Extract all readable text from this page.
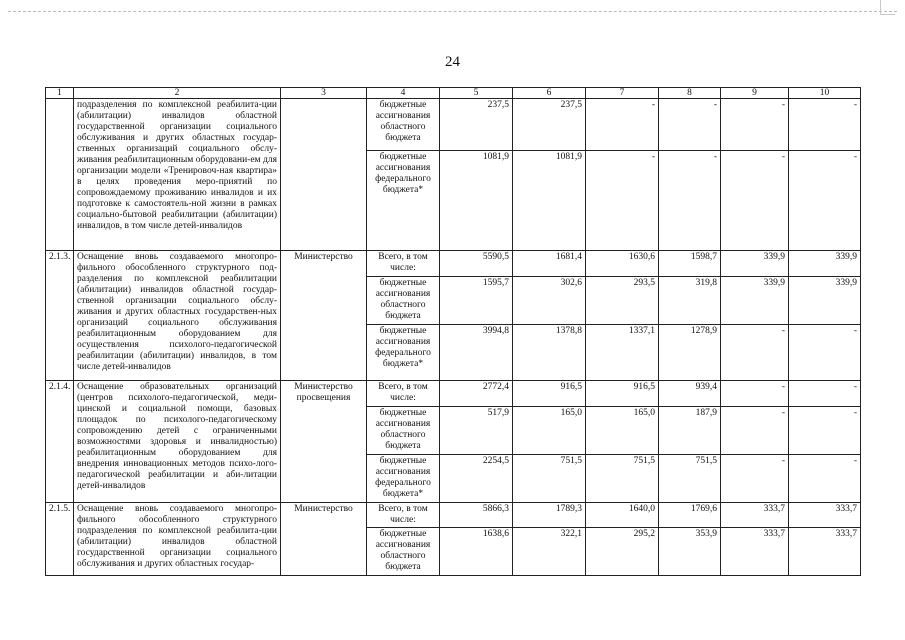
24
1	2	3	4	5	6	7	8	9	10
	подразделения по комплексной реабилита-ции (абилитации) инвалидов областной государственной организации социального обслуживания и других областных государ-ственных организаций социального обслу-живания реабилитационным оборудовани-ем для организации модели «Тренировоч-ная квартира» в целях проведения меро-приятий по сопровождаемому проживанию инвалидов и их подготовке к самостоятель-ной жизни в рамках социально-бытовой реабилитации (абилитации) инвалидов, в том числе детей-инвалидов		бюджетные ассигнования областного бюджета	237,5	237,5	-	-	-	-
			бюджетные ассигнования федерального бюджета*	1081,9	1081,9	-	-	-	-
2.1.3.	Оснащение вновь создаваемого многопро-фильного обособленного структурного под-разделения по комплексной реабилитации (абилитации) инвалидов областной государ-ственной организации социального обслу-живания и других областных государствен-ных организаций социального обслуживания реабилитационным оборудованием для осуществления психолого-педагогической реабилитации (абилитации) инвалидов, в том числе детей-инвалидов	Министерство	Всего, в том числе:	5590,5	1681,4	1630,6	1598,7	339,9	339,9
			бюджетные ассигнования областного бюджета	1595,7	302,6	293,5	319,8	339,9	339,9
			бюджетные ассигнования федерального бюджета*	3994,8	1378,8	1337,1	1278,9	-	-
2.1.4.	Оснащение образовательных организаций (центров психолого-педагогической, меди-цинской и социальной помощи, базовых площадок по психолого-педагогическому сопровождению детей с ограниченными возможностями здоровья и инвалидностью) реабилитационным оборудованием для внедрения инновационных методов психо-лого-педагогической реабилитации и аби-литации детей-инвалидов	Министерство просвещения	Всего, в том числе:	2772,4	916,5	916,5	939,4	-	-
			бюджетные ассигнования областного бюджета	517,9	165,0	165,0	187,9	-	-
			бюджетные ассигнования федерального бюджета*	2254,5	751,5	751,5	751,5	-	-
2.1.5.	Оснащение вновь создаваемого многопро-фильного обособленного структурного подразделения по комплексной реабилита-ции (абилитации) инвалидов областной государственной организации социального обслуживания и других областных государ-	Министерство	Всего, в том числе:	5866,3	1789,3	1640,0	1769,6	333,7	333,7
			бюджетные ассигнования областного бюджета	1638,6	322,1	295,2	353,9	333,7	333,7
